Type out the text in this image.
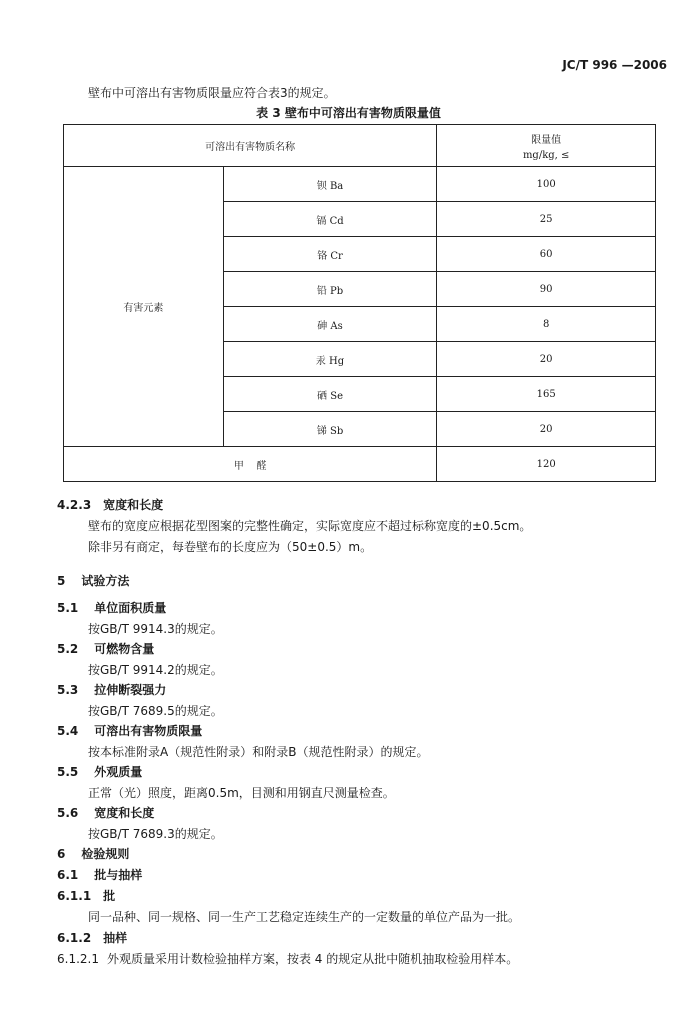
JC/T 996 —2006
壁布中可溶出有害物质限量应符合表3的规定。
表 3 壁布中可溶出有害物质限量值
可溶出有害物质名称		限量值
mg/kg, ≤

有害元素	钡 Ba	100
	镉 Cd	25
	铬 Cr	60
	铅 Pb	90
	砷 As	8
	汞 Hg	20
	硒 Se	165
	锑 Sb	20
甲    醛		120
4.2.3 宽度和长度
壁布的宽度应根据花型图案的完整性确定，实际宽度应不超过标称宽度的±0.5cm。
除非另有商定，每卷壁布的长度应为（50±0.5）m。
5 试验方法
5.1 单位面积质量
按GB/T 9914.3的规定。
5.2 可燃物含量
按GB/T 9914.2的规定。
5.3 拉伸断裂强力
按GB/T 7689.5的规定。
5.4 可溶出有害物质限量
按本标准附录A（规范性附录）和附录B（规范性附录）的规定。
5.5 外观质量
正常（光）照度，距离0.5m，目测和用钢直尺测量检查。
5.6 宽度和长度
按GB/T 7689.3的规定。
6 检验规则
6.1 批与抽样
6.1.1 批
同一品种、同一规格、同一生产工艺稳定连续生产的一定数量的单位产品为一批。
6.1.2 抽样
6.1.2.1 外观质量采用计数检验抽样方案，按表 4 的规定从批中随机抽取检验用样本。
